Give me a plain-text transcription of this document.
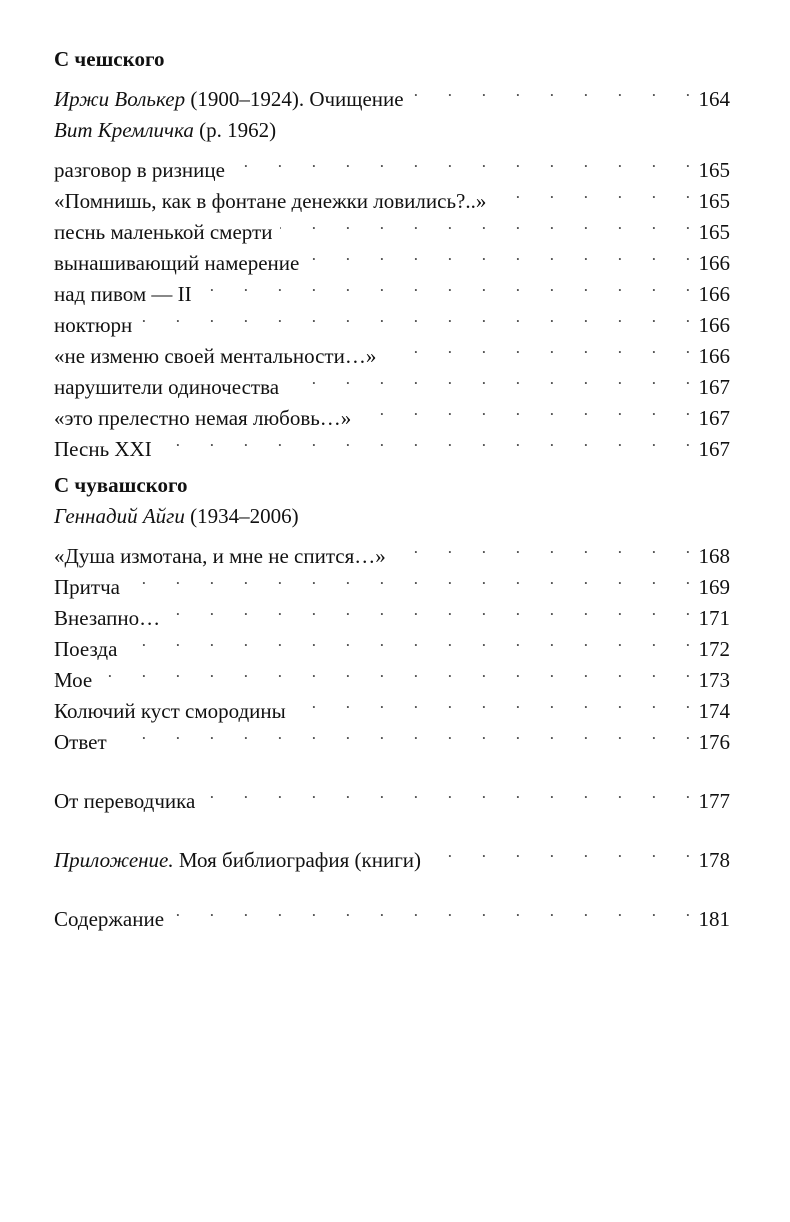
С чешского
Иржи Волькер (1900–1924). Очищение .	164
Вит Кремличка (р. 1962)
разговор в ризнице .	165
«Помнишь, как в фонтане денежки ловились?..» .	165
песнь маленькой смерти .	165
вынашивающий намерение .	166
над пивом — II .	166
ноктюрн .	166
«не изменю своей ментальности…» .	166
нарушители одиночества .	167
«это прелестно немая любовь…» .	167
Песнь XXI .	167
С чувашского
Геннадий Айги (1934–2006)
«Душа измотана, и мне не спится…» .	168
Притча .	169
Внезапно… .	171
Поезда .	172
Мое .	173
Колючий куст смородины .	174
Ответ .	176
От переводчика .	177
Приложение. Моя библиография (книги) .	178
Содержание .	181
